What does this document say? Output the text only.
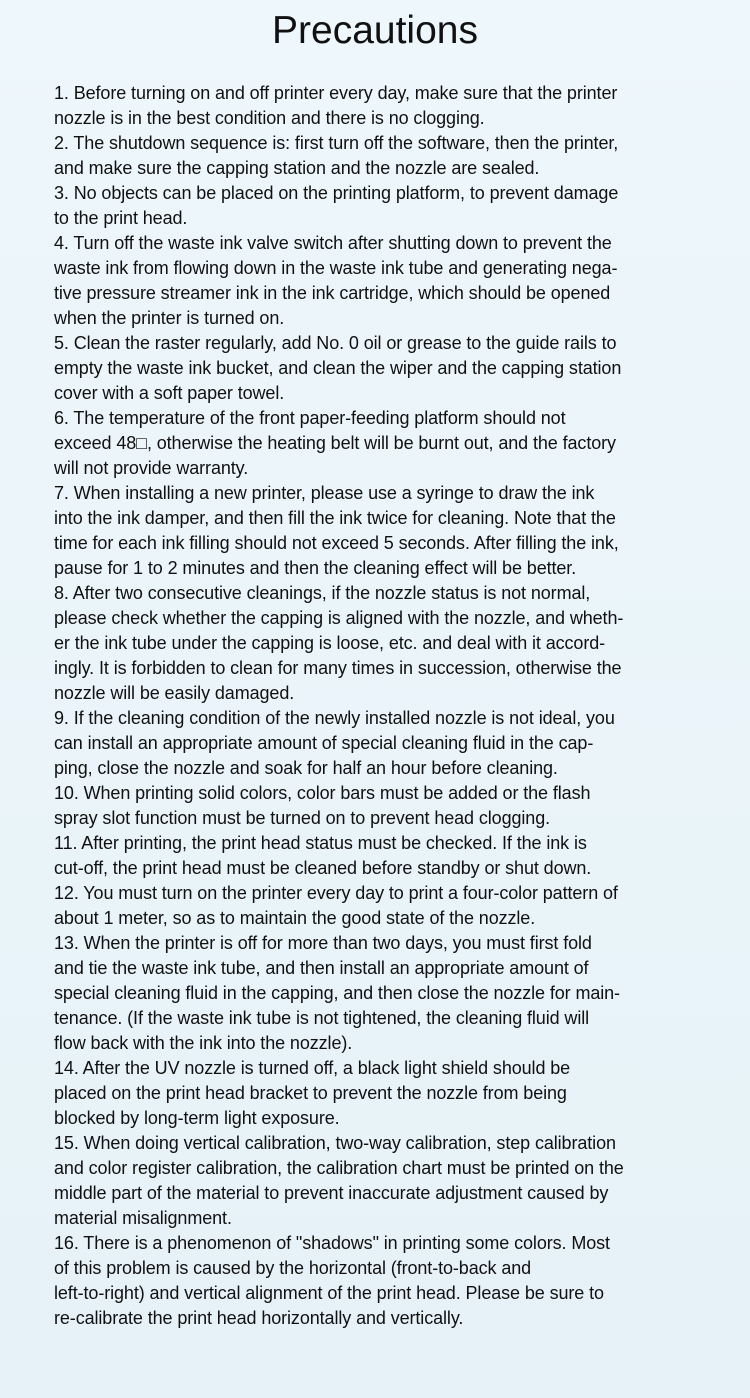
Precautions
1. Before turning on and off printer every day, make sure that the printer
nozzle is in the best condition and there is no clogging.
2. The shutdown sequence is: first turn off the software, then the printer,
and make sure the capping station and the nozzle are sealed.
3. No objects can be placed on the printing platform, to prevent damage
to the print head.
4. Turn off the waste ink valve switch after shutting down to prevent the
waste ink from flowing down in the waste ink tube and generating nega-
tive pressure streamer ink in the ink cartridge, which should be opened
when the printer is turned on.
5. Clean the raster regularly, add No. 0 oil or grease to the guide rails to
empty the waste ink bucket, and clean the wiper and the capping station
cover with a soft paper towel.
6. The temperature of the front paper-feeding platform should not
exceed 48□, otherwise the heating belt will be burnt out, and the factory
will not provide warranty.
7. When installing a new printer, please use a syringe to draw the ink
into the ink damper, and then fill the ink twice for cleaning. Note that the
time for each ink filling should not exceed 5 seconds. After filling the ink,
pause for 1 to 2 minutes and then the cleaning effect will be better.
8. After two consecutive cleanings, if the nozzle status is not normal,
please check whether the capping is aligned with the nozzle, and wheth-
er the ink tube under the capping is loose, etc. and deal with it accord-
ingly. It is forbidden to clean for many times in succession, otherwise the
nozzle will be easily damaged.
9. If the cleaning condition of the newly installed nozzle is not ideal, you
can install an appropriate amount of special cleaning fluid in the cap-
ping, close the nozzle and soak for half an hour before cleaning.
10. When printing solid colors, color bars must be added or the flash
spray slot function must be turned on to prevent head clogging.
11. After printing, the print head status must be checked. If the ink is
cut-off, the print head must be cleaned before standby or shut down.
12. You must turn on the printer every day to print a four-color pattern of
about 1 meter, so as to maintain the good state of the nozzle.
13. When the printer is off for more than two days, you must first fold
and tie the waste ink tube, and then install an appropriate amount of
special cleaning fluid in the capping, and then close the nozzle for main-
tenance. (If the waste ink tube is not tightened, the cleaning fluid will
flow back with the ink into the nozzle).
14. After the UV nozzle is turned off, a black light shield should be
placed on the print head bracket to prevent the nozzle from being
blocked by long-term light exposure.
15. When doing vertical calibration, two-way calibration, step calibration
and color register calibration, the calibration chart must be printed on the
middle part of the material to prevent inaccurate adjustment caused by
material misalignment.
16. There is a phenomenon of "shadows" in printing some colors. Most
of this problem is caused by the horizontal (front-to-back and
left-to-right) and vertical alignment of the print head. Please be sure to
re-calibrate the print head horizontally and vertically.
